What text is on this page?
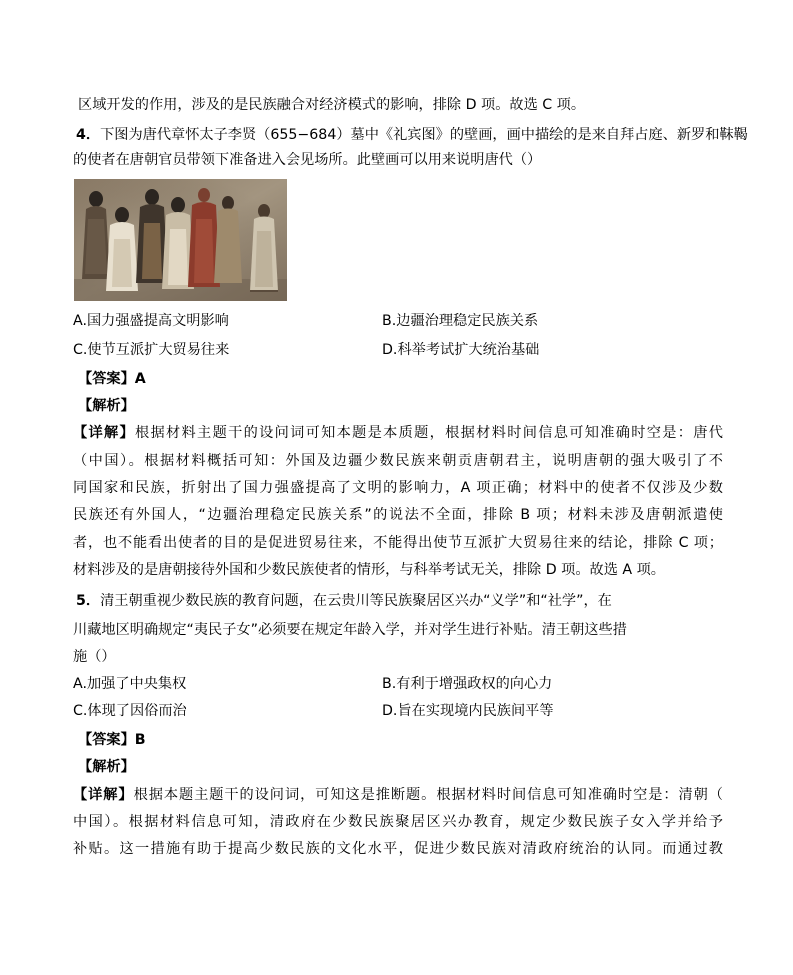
区域开发的作用，涉及的是民族融合对经济模式的影响，排除 D 项。故选 C 项。
4．下图为唐代章怀太子李贤（655−684）墓中《礼宾图》的壁画，画中描绘的是来自拜占庭、新罗和靺鞨
的使者在唐朝官员带领下准备进入会见场所。此壁画可以用来说明唐代（）
A.国力强盛提高文明影响	B.边疆治理稳定民族关系
C.使节互派扩大贸易往来	D.科举考试扩大统治基础
【答案】A
【解析】
【详解】根据材料主题干的设问词可知本题是本质题，根据材料时间信息可知准确时空是：唐代
（中国）。根据材料概括可知：外国及边疆少数民族来朝贡唐朝君主，说明唐朝的强大吸引了不
同国家和民族，折射出了国力强盛提高了文明的影响力，A 项正确；材料中的使者不仅涉及少数
民族还有外国人，“边疆治理稳定民族关系”的说法不全面，排除 B 项；材料未涉及唐朝派遣使
者，也不能看出使者的目的是促进贸易往来，不能得出使节互派扩大贸易往来的结论，排除 C 项；
材料涉及的是唐朝接待外国和少数民族使者的情形，与科举考试无关，排除 D 项。故选 A 项。
5．清王朝重视少数民族的教育问题，在云贵川等民族聚居区兴办“义学”和“社学”，在
川藏地区明确规定“夷民子女”必须要在规定年龄入学，并对学生进行补贴。清王朝这些措
施（）
A.加强了中央集权	B.有利于增强政权的向心力
C.体现了因俗而治	D.旨在实现境内民族间平等
【答案】B
【解析】
【详解】根据本题主题干的设问词，可知这是推断题。根据材料时间信息可知准确时空是：清朝（
中国）。根据材料信息可知，清政府在少数民族聚居区兴办教育，规定少数民族子女入学并给予
补贴。这一措施有助于提高少数民族的文化水平，促进少数民族对清政府统治的认同。而通过教
